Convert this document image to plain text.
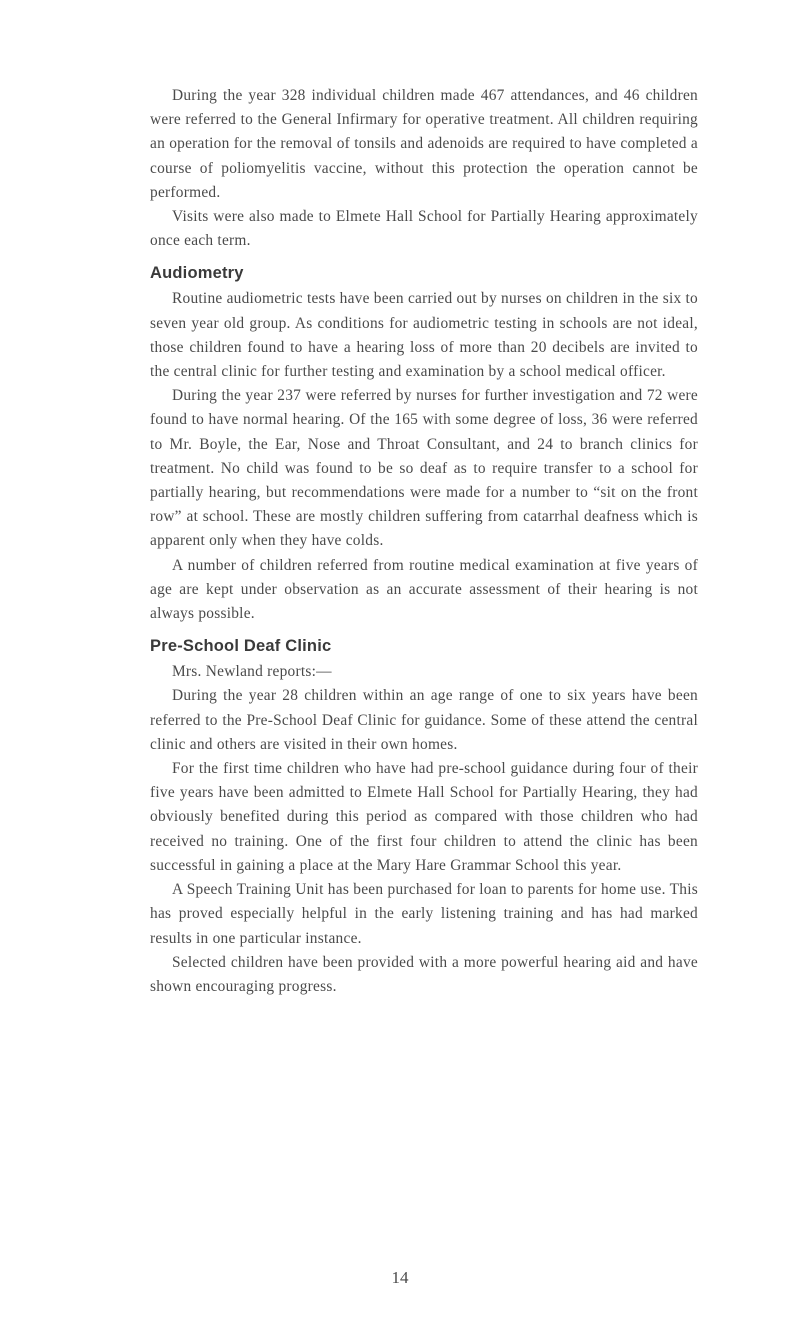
During the year 328 individual children made 467 attendances, and 46 children were referred to the General Infirmary for operative treatment. All children requiring an operation for the removal of tonsils and adenoids are required to have completed a course of poliomyelitis vaccine, without this protection the operation cannot be performed.

Visits were also made to Elmete Hall School for Partially Hearing approximately once each term.

Audiometry

Routine audiometric tests have been carried out by nurses on children in the six to seven year old group. As conditions for audiometric testing in schools are not ideal, those children found to have a hearing loss of more than 20 decibels are invited to the central clinic for further testing and examination by a school medical officer.

During the year 237 were referred by nurses for further investigation and 72 were found to have normal hearing. Of the 165 with some degree of loss, 36 were referred to Mr. Boyle, the Ear, Nose and Throat Consultant, and 24 to branch clinics for treatment. No child was found to be so deaf as to require transfer to a school for partially hearing, but recommendations were made for a number to “sit on the front row” at school. These are mostly children suffering from catarrhal deafness which is apparent only when they have colds.

A number of children referred from routine medical examination at five years of age are kept under observation as an accurate assessment of their hearing is not always possible.

Pre-School Deaf Clinic

Mrs. Newland reports:—

During the year 28 children within an age range of one to six years have been referred to the Pre-School Deaf Clinic for guidance. Some of these attend the central clinic and others are visited in their own homes.

For the first time children who have had pre-school guidance during four of their five years have been admitted to Elmete Hall School for Partially Hearing, they had obviously benefited during this period as compared with those children who had received no training. One of the first four children to attend the clinic has been successful in gaining a place at the Mary Hare Grammar School this year.

A Speech Training Unit has been purchased for loan to parents for home use. This has proved especially helpful in the early listening training and has had marked results in one particular instance.

Selected children have been provided with a more powerful hearing aid and have shown encouraging progress.

14
